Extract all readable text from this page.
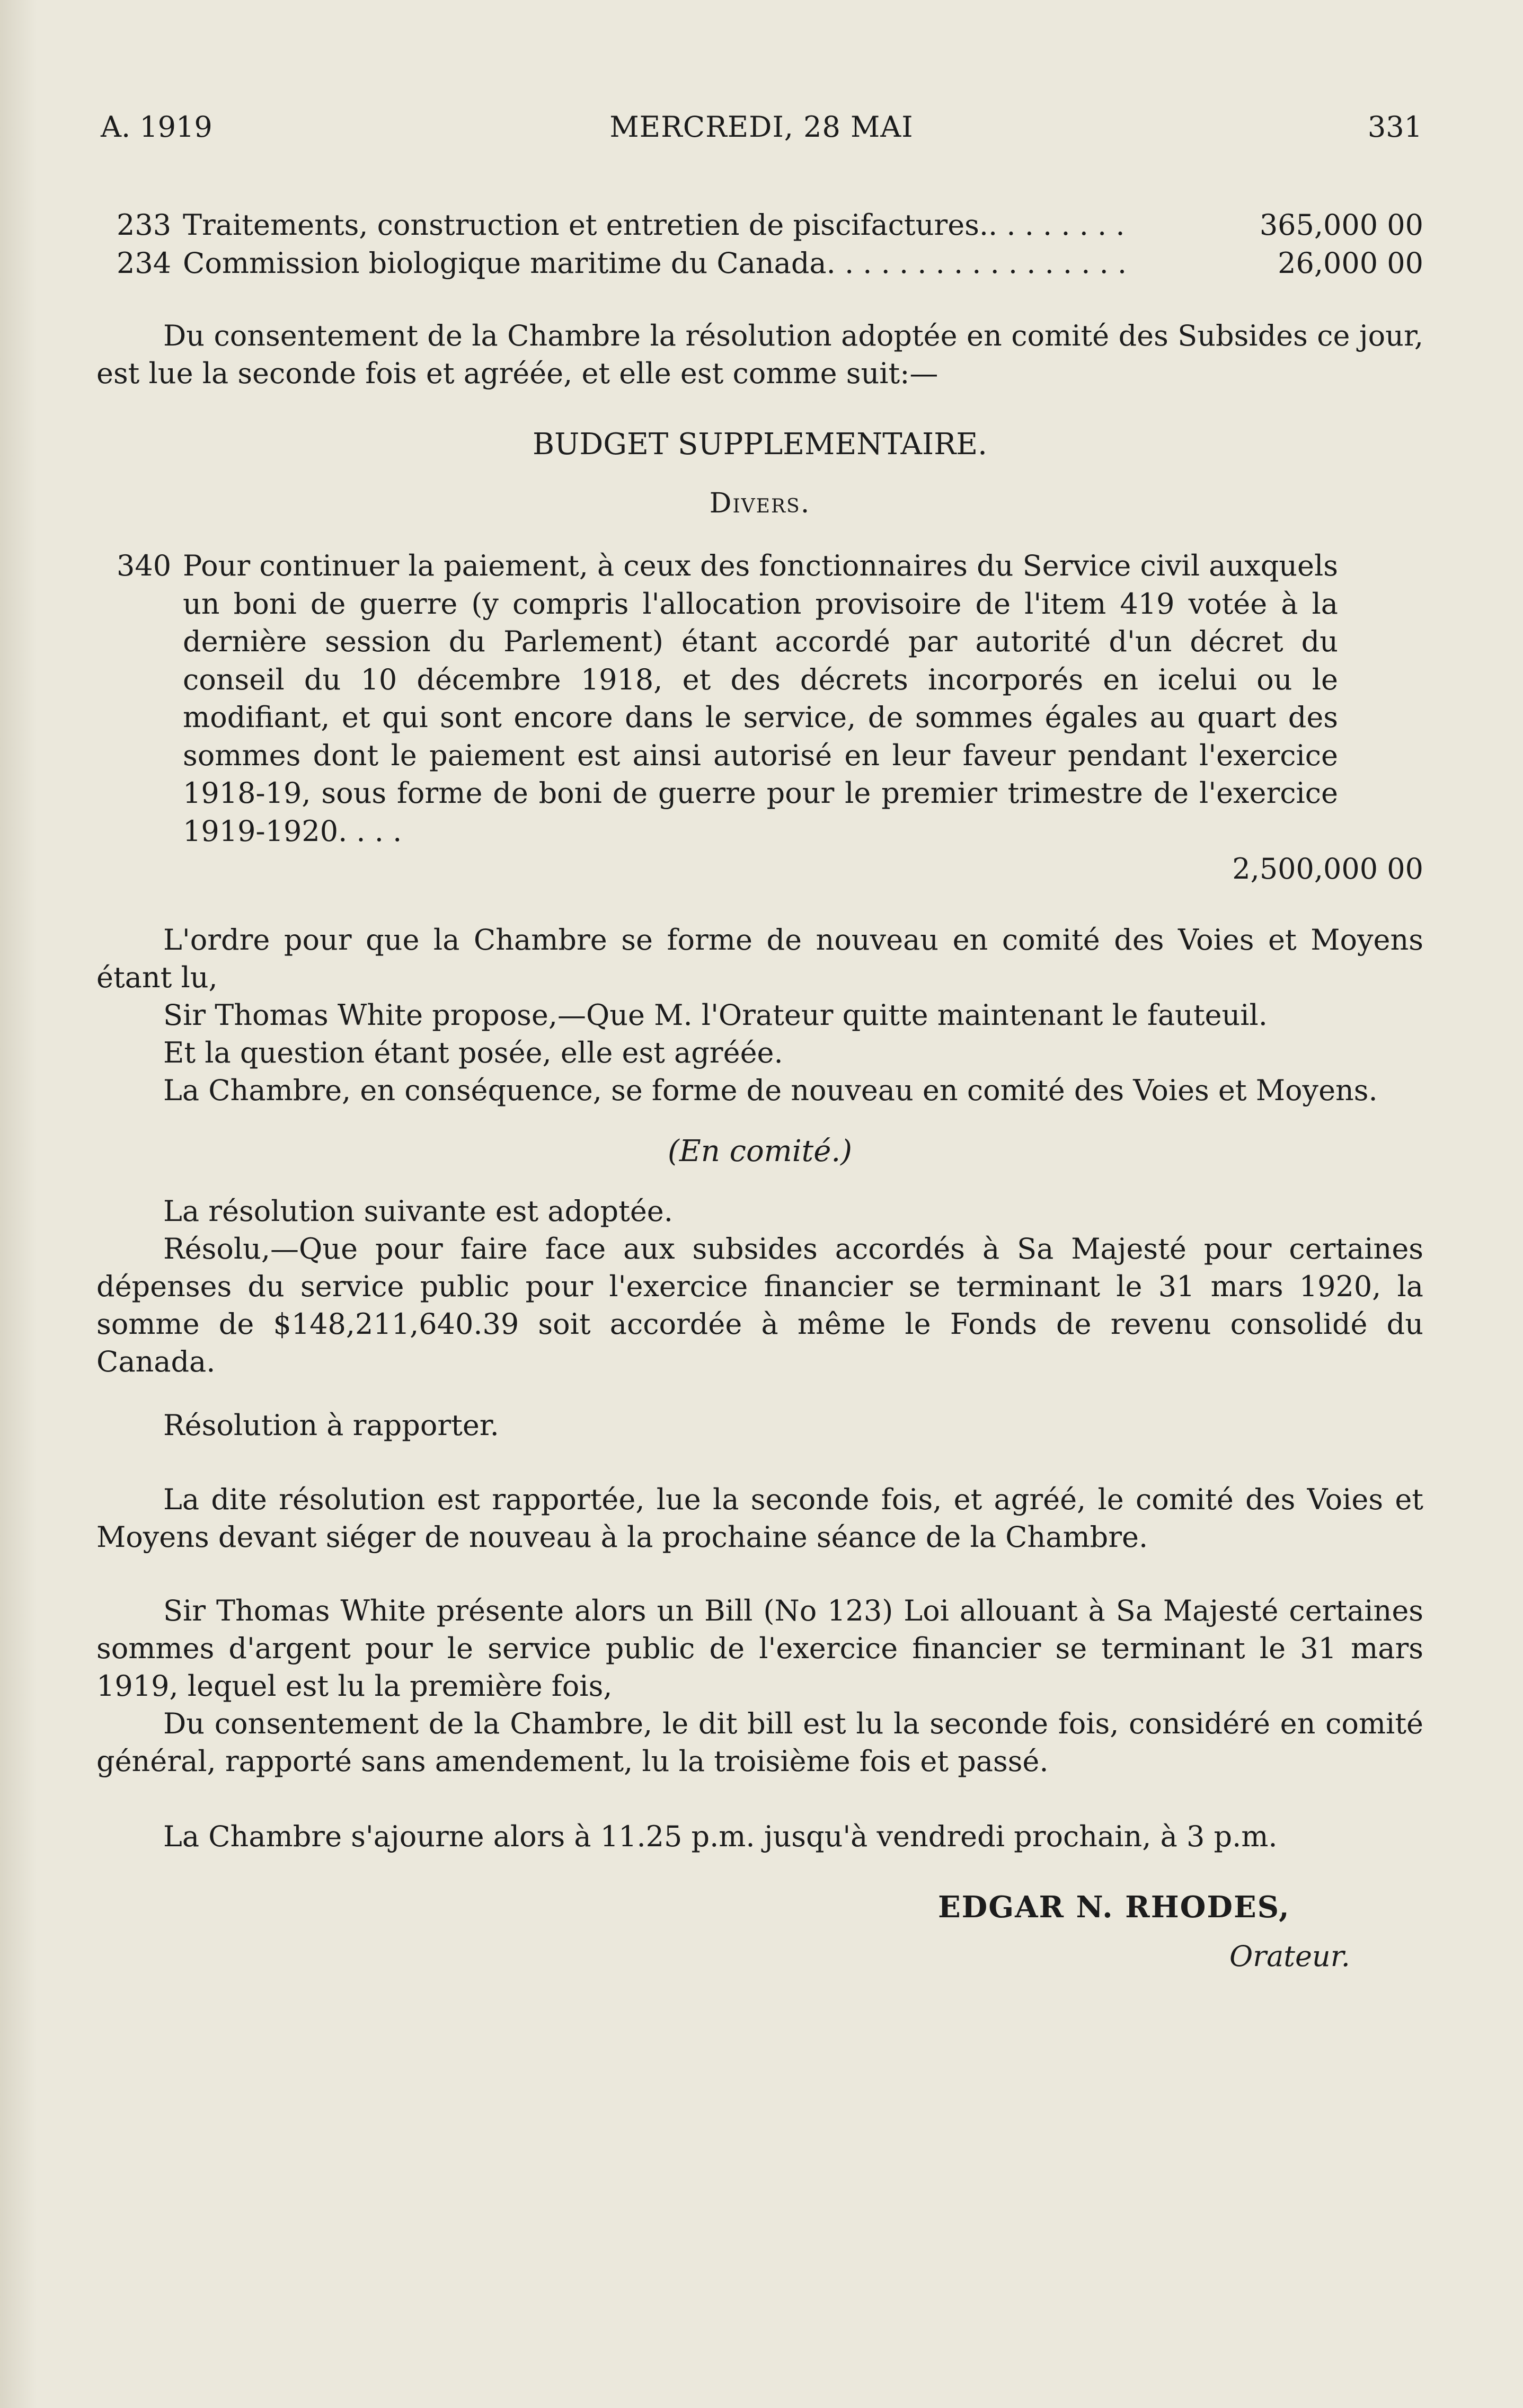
A. 1919	MERCREDI, 28 MAI	331
233 Traitements, construction et entretien de piscifactures.. . . . . . . .	365,000 00
234 Commission biologique maritime du Canada. . . . . . . . . . . . . . . . .	26,000 00

Du consentement de la Chambre la résolution adoptée en comité des Subsides ce jour, est lue la seconde fois et agréée, et elle est comme suit:—

BUDGET SUPPLEMENTAIRE.
Divers.
340 Pour continuer la paiement, à ceux des fonctionnaires du Service civil auxquels un boni de guerre (y compris l'allocation provisoire de l'item 419 votée à la dernière session du Parlement) étant accordé par autorité d'un décret du conseil du 10 décembre 1918, et des décrets incorporés en icelui ou le modifiant, et qui sont encore dans le service, de sommes égales au quart des sommes dont le paiement est ainsi autorisé en leur faveur pendant l'exercice 1918-19, sous forme de boni de guerre pour le premier trimestre de l'exercice 1919-1920. . . .
2,500,000 00

L'ordre pour que la Chambre se forme de nouveau en comité des Voies et Moyens étant lu,

Sir Thomas White propose,—Que M. l'Orateur quitte maintenant le fauteuil.

Et la question étant posée, elle est agréée.

La Chambre, en conséquence, se forme de nouveau en comité des Voies et Moyens.

(En comité.)

La résolution suivante est adoptée.

Résolu,—Que pour faire face aux subsides accordés à Sa Majesté pour certaines dépenses du service public pour l'exercice financier se terminant le 31 mars 1920, la somme de $148,211,640.39 soit accordée à même le Fonds de revenu consolidé du Canada.

Résolution à rapporter.

La dite résolution est rapportée, lue la seconde fois, et agréé, le comité des Voies et Moyens devant siéger de nouveau à la prochaine séance de la Chambre.

Sir Thomas White présente alors un Bill (No 123) Loi allouant à Sa Majesté certaines sommes d'argent pour le service public de l'exercice financier se terminant le 31 mars 1919, lequel est lu la première fois,

Du consentement de la Chambre, le dit bill est lu la seconde fois, considéré en comité général, rapporté sans amendement, lu la troisième fois et passé.

La Chambre s'ajourne alors à 11.25 p.m. jusqu'à vendredi prochain, à 3 p.m.

EDGAR N. RHODES,
Orateur.
